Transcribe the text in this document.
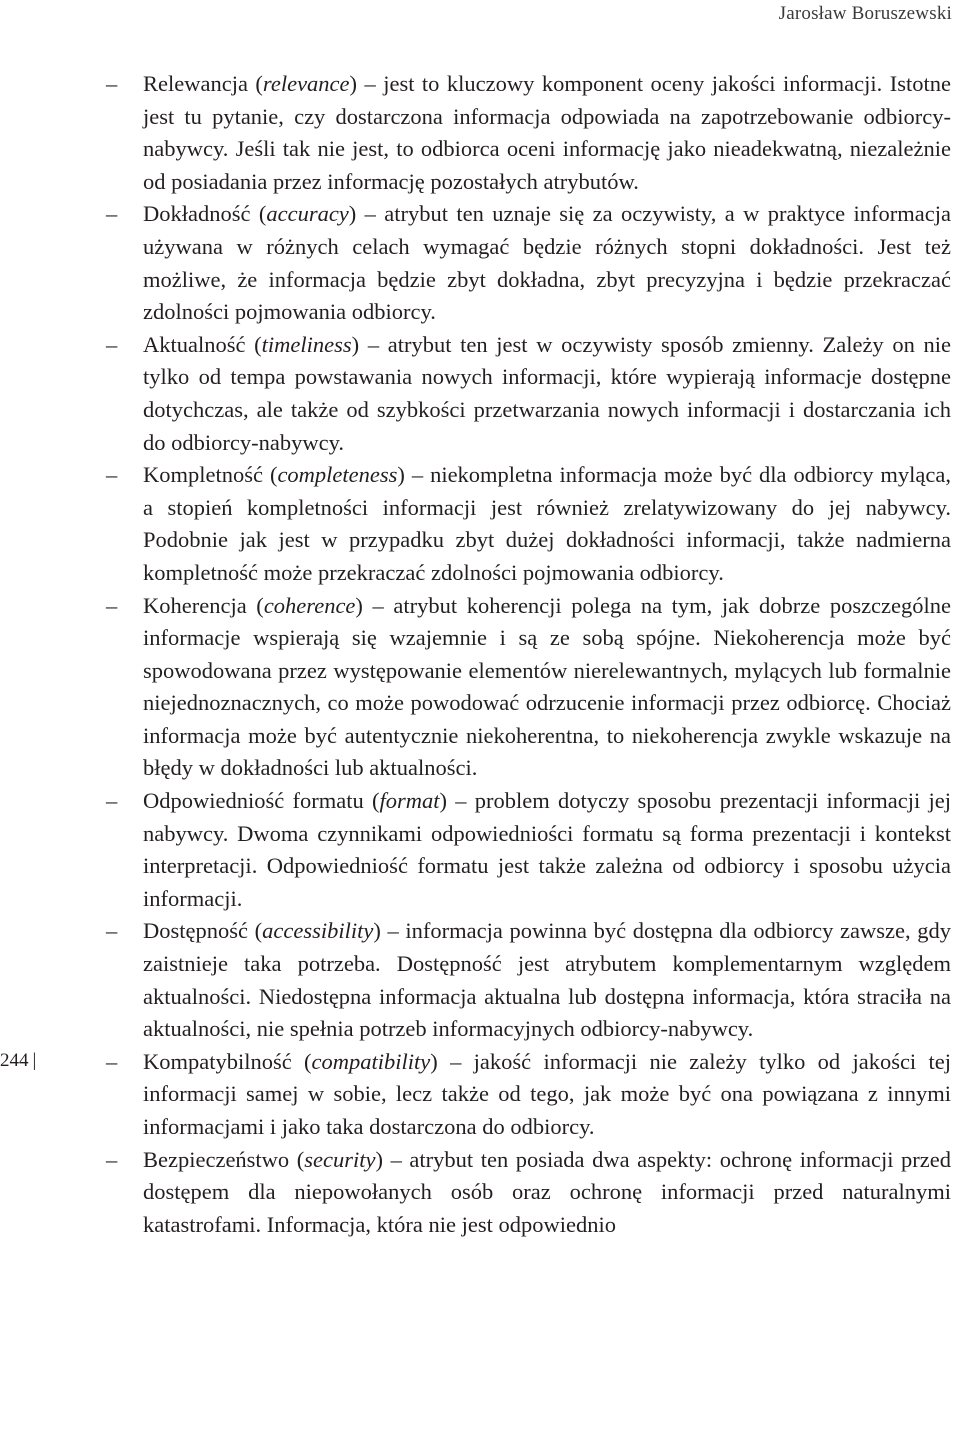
Jarosław Boruszewski
244 |
– Relewancja (relevance) – jest to kluczowy komponent oceny jakości informacji. Istotne jest tu pytanie, czy dostarczona informacja odpowiada na zapotrzebowanie odbiorcy-nabywcy. Jeśli tak nie jest, to odbiorca oceni informację jako nieadekwatną, niezależnie od posiadania przez informację pozostałych atrybutów.
– Dokładność (accuracy) – atrybut ten uznaje się za oczywisty, a w praktyce informacja używana w różnych celach wymagać będzie różnych stopni dokładności. Jest też możliwe, że informacja będzie zbyt dokładna, zbyt precyzyjna i będzie przekraczać zdolności pojmowania odbiorcy.
– Aktualność (timeliness) – atrybut ten jest w oczywisty sposób zmienny. Zależy on nie tylko od tempa powstawania nowych informacji, które wypierają informacje dostępne dotychczas, ale także od szybkości przetwarzania nowych informacji i dostarczania ich do odbiorcy-nabywcy.
– Kompletność (completeness) – niekompletna informacja może być dla odbiorcy myląca, a stopień kompletności informacji jest również zrelatywizowany do jej nabywcy. Podobnie jak jest w przypadku zbyt dużej dokładności informacji, także nadmierna kompletność może przekraczać zdolności pojmowania odbiorcy.
– Koherencja (coherence) – atrybut koherencji polega na tym, jak dobrze poszczególne informacje wspierają się wzajemnie i są ze sobą spójne. Niekoherencja może być spowodowana przez występowanie elementów nierelewantnych, mylących lub formalnie niejednoznacznych, co może powodować odrzucenie informacji przez odbiorcę. Chociaż informacja może być autentycznie niekoherentna, to niekoherencja zwykle wskazuje na błędy w dokładności lub aktualności.
– Odpowiedniość formatu (format) – problem dotyczy sposobu prezentacji informacji jej nabywcy. Dwoma czynnikami odpowiedniości formatu są forma prezentacji i kontekst interpretacji. Odpowiedniość formatu jest także zależna od odbiorcy i sposobu użycia informacji.
– Dostępność (accessibility) – informacja powinna być dostępna dla odbiorcy zawsze, gdy zaistnieje taka potrzeba. Dostępność jest atrybutem komplementarnym względem aktualności. Niedostępna informacja aktualna lub dostępna informacja, która straciła na aktualności, nie spełnia potrzeb informacyjnych odbiorcy-nabywcy.
– Kompatybilność (compatibility) – jakość informacji nie zależy tylko od jakości tej informacji samej w sobie, lecz także od tego, jak może być ona powiązana z innymi informacjami i jako taka dostarczona do odbiorcy.
– Bezpieczeństwo (security) – atrybut ten posiada dwa aspekty: ochronę informacji przed dostępem dla niepowołanych osób oraz ochronę informacji przed naturalnymi katastrofami. Informacja, która nie jest odpowiednio
